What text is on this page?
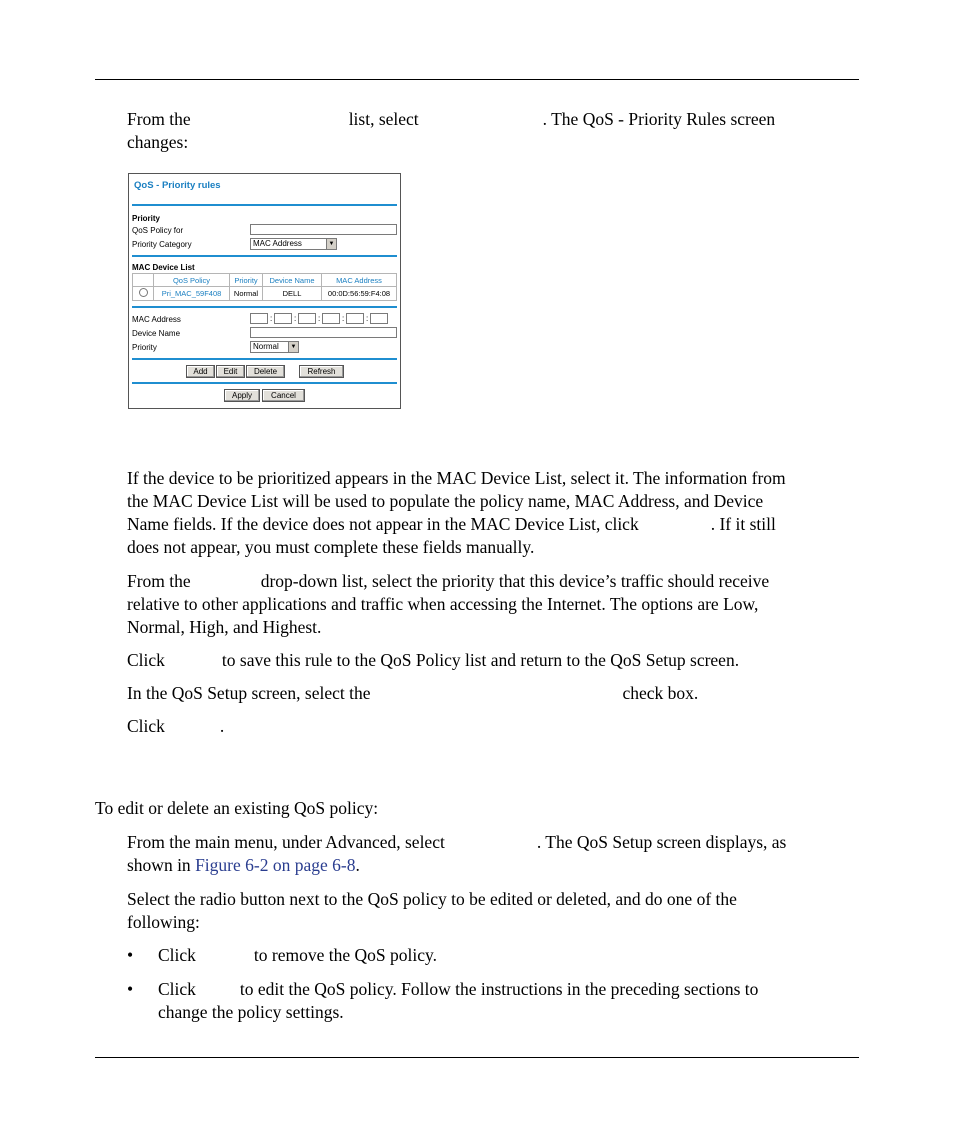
From the	list, select	. The QoS - Priority Rules screen

changes:

QoS - Priority rules
Priority
QoS Policy for
Priority Category	MAC Address	▼
MAC Device List
	QoS Policy	Priority	Device Name	MAC Address
	Pri_MAC_59F408	Normal	DELL	00:0D:56:59:F4:08
MAC Address	:	:	:	:	:
Device Name
Priority	Normal	▼
Add	Edit	Delete	Refresh
Apply	Cancel

If the device to be prioritized appears in the MAC Device List, select it. The information from

the MAC Device List will be used to populate the policy name, MAC Address, and Device

Name fields. If the device does not appear in the MAC Device List, click	. If it still

does not appear, you must complete these fields manually.

From the	drop-down list, select the priority that this device’s traffic should receive

relative to other applications and traffic when accessing the Internet. The options are Low,

Normal, High, and Highest.

Click	to save this rule to the QoS Policy list and return to the QoS Setup screen.

In the QoS Setup screen, select the	check box.

Click	.

To edit or delete an existing QoS policy:

From the main menu, under Advanced, select	. The QoS Setup screen displays, as

shown in Figure 6-2 on page 6-8.

Select the radio button next to the QoS policy to be edited or deleted, and do one of the

following:

• Click	to remove the QoS policy.

• Click	to edit the QoS policy. Follow the instructions in the preceding sections to

change the policy settings.
